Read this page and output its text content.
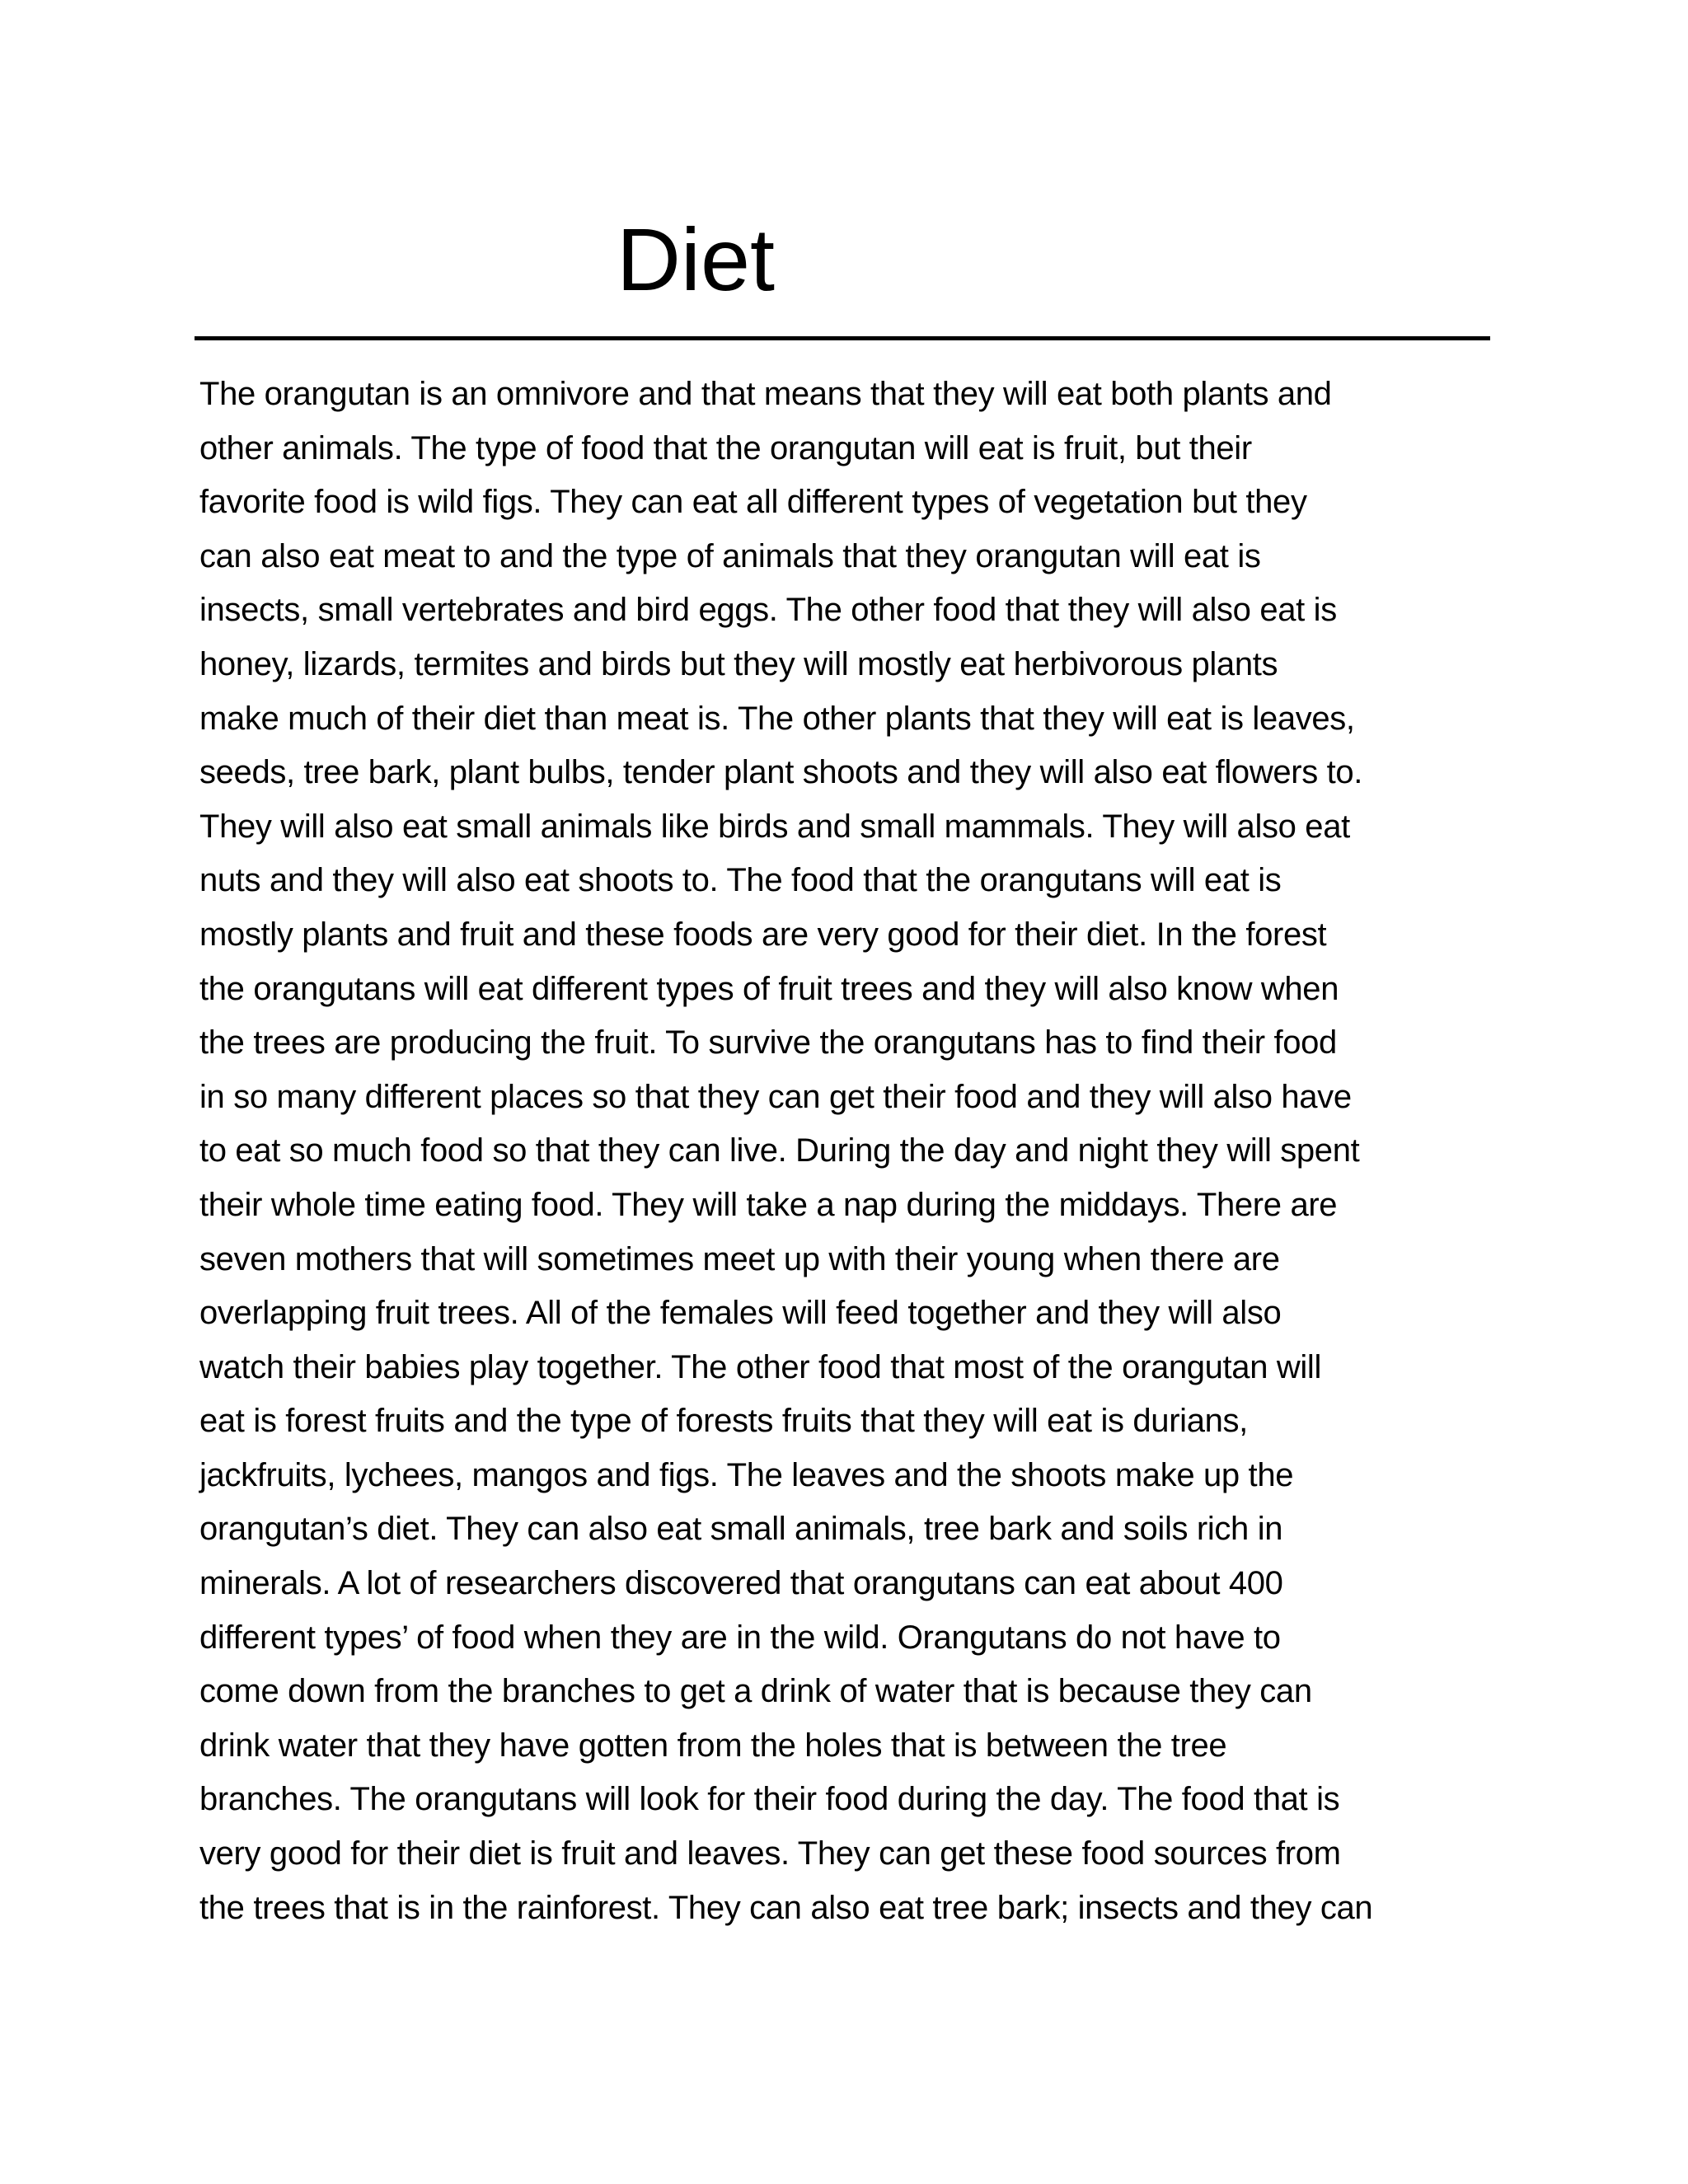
Diet
The orangutan is an omnivore and that means that they will eat both plants and
other animals. The type of food that the orangutan will eat is fruit, but their
favorite food is wild figs. They can eat all different types of vegetation but they
can also eat meat to and the type of animals that they orangutan will eat is
insects, small vertebrates and bird eggs. The other food that they will also eat is
honey, lizards, termites and birds but they will mostly eat herbivorous plants
make much of their diet than meat is. The other plants that they will eat is leaves,
seeds, tree bark, plant bulbs, tender plant shoots and they will also eat flowers to.
They will also eat small animals like birds and small mammals. They will also eat
nuts and they will also eat shoots to. The food that the orangutans will eat is
mostly plants and fruit and these foods are very good for their diet. In the forest
the orangutans will eat different types of fruit trees and they will also know when
the trees are producing the fruit. To survive the orangutans has to find their food
in so many different places so that they can get their food and they will also have
to eat so much food so that they can live. During the day and night they will spent
their whole time eating food. They will take a nap during the middays. There are
seven mothers that will sometimes meet up with their young when there are
overlapping fruit trees. All of the females will feed together and they will also
watch their babies play together. The other food that most of the orangutan will
eat is forest fruits and the type of forests fruits that they will eat is durians,
jackfruits, lychees, mangos and figs. The leaves and the shoots make up the
orangutan’s diet. They can also eat small animals, tree bark and soils rich in
minerals. A lot of researchers discovered that orangutans can eat about 400
different types’ of food when they are in the wild. Orangutans do not have to
come down from the branches to get a drink of water that is because they can
drink water that they have gotten from the holes that is between the tree
branches. The orangutans will look for their food during the day. The food that is
very good for their diet is fruit and leaves. They can get these food sources from
the trees that is in the rainforest. They can also eat tree bark; insects and they can
